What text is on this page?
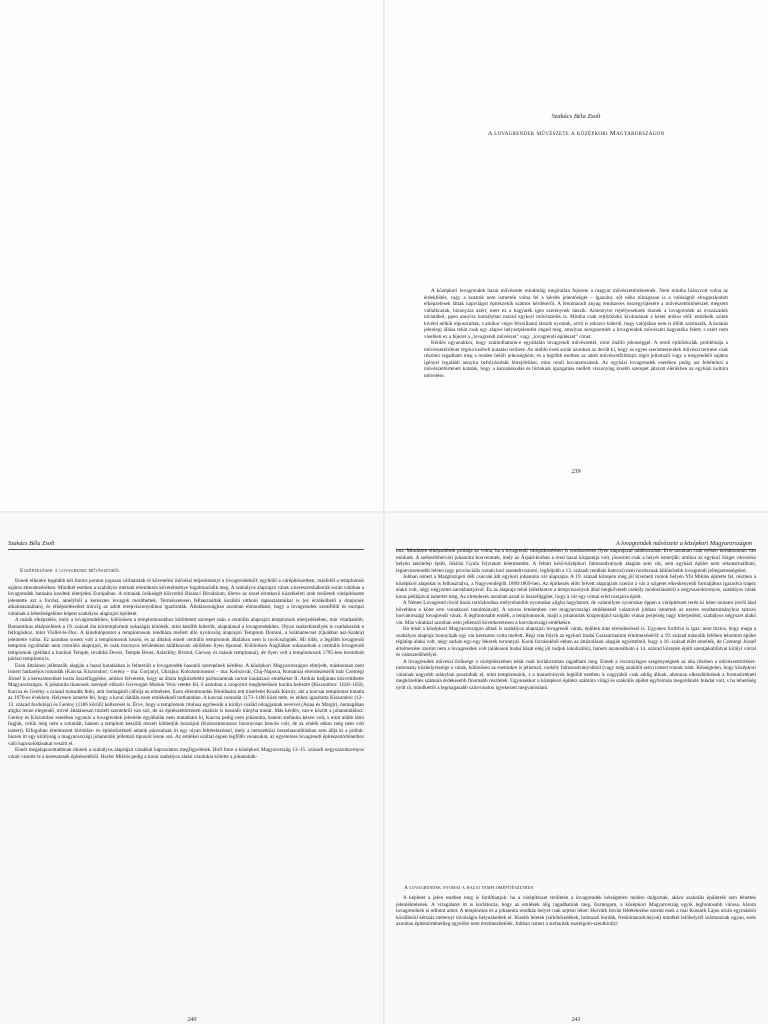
Szakács Béla Zsolt
A lovagrendek művészete a középkori Magyarországon

A középkori lovagrendek hazai művészete mindmáig megíratlan fejezete a magyar művészettörténetnek. Nem mintha hiányzott volna az érdeklődés, vagy a kutatók nem ismerték volna fel a kérdés jelentőségét – igazolni, sőt néha túlságosan is a valóságtól elrugaszkodott elképzelések láttak napvilágot építészetük számos kérdéséről. A fennmaradt anyag rendszeres összegyűjtésére a művészettörténészek mégsem vállalkoztak, bizonyára azért, mert ez a hagyaték igen szerénynek látszik. Amennyire rejtélyeseknek tűnnek a lovagrendek az évszázadok távlatából, ppen annyira homályban marad egykori művészetük is. Mintha csak rejtőzködni kívánnának a kései utókor elől: emlékeik szinte kivétel nélkül elpusztultak, s amikor végre felcsillanni látszik nyomuk, arról is sokszor kiderül, hogy valójában nem is tőlük származik. A kutatás jelenlegi állása tehát csak egy alapos helyzetjelentést enged meg, amolyan seregszemlét a lovagrendek művészeti hagyatéka felett; s ezért nem viselheti ez a fejezet a „lovagrendi művészet” vagy „lovagrendi építészet” címet.

Kérdés ugyanakkor, hogy számolhatunk-e egyáltalán lovagrendi művészettel, mint önálló jelenséggel. A rendi építőiskolák problémája a művészettörténet régóta kedvelt kutatási területe. Az utóbbi évek során azonban az derült ki, hogy az egyes szerzetesrendek művészi termése csak részben ragadható meg a renden belüli jelenségként, és a legtöbb esetben az adott művészetföldrajzi régió jellemzői vagy a megrendelő sajátos igényei legalább annyira befolyásolták létrejöttüket, mint rendi hovatartozásuk. Az egyházi lovagrendek esetében pedig azt feltételezi a művészettörténeti kutatás, hogy a katonáskodás és birtokaik igazgatása mellett viszonylag kisebb szerepet játszott életükben az egyházi kultúra művelése.

239
Szakács Béla Zsolt
Elképzelések a lovagrendi művészetről

Ennek ellenére legalább két fontos ponton jogosan várhatnánk el követelési művészi teljesítményt a lovagrendektől: egyfelől a várépítészetben, másfelől a templomok sajátos elrendezésében. Mindkét esetben a szabályos mértani elrendezés követelménye fogalmazódik meg. A szabályos alaprajzú várak a keresztesháborúk során valóban a lovagrendek hatására kezdtek elterjedni Európában. A rómaiak örökségét közvetítő Bizánci Birodalom, illetve az ezzel érintkező közelkeleti arab területek várépítészete jelentette azt a forrást, amelyből a keresztes lovagok meríthettek. Természetesen felhasználták korábbi otthoni tapasztalataikat is (ez érzékelhető a donjonok alkalmazásában), és elképzeléseiket mincig az adott terepviszonyokhoz igazították. Általánosságban azonban elmondható, hogy a lovagrendek szentföldi és európai várainak a lehetőségekhez képest szabályos alaprajzú épületét.

A másik elképzelés, mely a lovagrendekhez, különösen a templomosokhoz kötöttetett szerepet szán a centrális alaprajzú templomok elterjedésében, már vitathatóbb. Romantikus elképzelések a 19. század óta körtemplomok sokaságát kötötték, mint később kiderült, alaptalanul a lovagrendekhez. Olyan szaktekintélyek is csatlakoztak e felfogáshoz, mint Viollet-le-Duc. A kiindulópontot a templomosok rendháza mellett álló nyolcszög alaprajzú Templum Domini, a Sziklamecset (Quabbat asz-Szahra) jelentette volna. Ez azonban sosem volt a templomosok kezén, és az általuk emelt centrális templomok általában nem is nyolcszögűek. Mi több, a legtöbb lovagrendi templom egyáltalán nem centrális alaprajzú, és csak bizonyos területeken találkozunk sűrűbben ilyen típussal. Különösen Angliában sokasodnak a centrális lovagrendi templomok (például a londoni Temple, továbbá Dover, Temple Bruer, Aslackby, Bristol, Garway és mások templomai), de ilyen volt a templomosok 1795-ben lerombolt párizsi temploma is.

Ezen általános jellemzők alapján a hazai kutatásban is felmerült a lovagrendek hasonló szerepének kérdése. A középkori Magyarországon elterjedt, máshonnan nem ismert hatkaréjos rotundák (Karcsa; Kiszombor; Gerény – ma: Gorjanyi, Ukrajna; Kolozsmonostor – ma: Kolozsvár, Cluj-Napoca, Románia) elrendezéséről már Czemegi József is a keresztesekkel hozta összefüggésbe, amikor felvetette, hogy az általa legközelebbi párhuzamnak tartott kaukázusi emlékeket II. András hadjárata közvetíthette Magyarországra. A johannita tkanosok szerepét először Gervergné Molnár Vera vetette fel, ő azonban a csoportot meglehetősen korára keltezte (Kiszombor: 1020–1050, Karcsa és Gerény a század második fele), ami önmagától cáfolja az elméletet. Ezen ellentmondás feloldására tett kísérletet Kozák Károly, aki a karcsai templomot kutatta az 1970-es években. Helyesen ismerte fel, hogy a korai dátálás ezen emlékeknél tarthatatlan. A karcsai rotundát 1173–1186 közé tette, és ehhez igazította Kiszombor (12–13. század fordulója) és Gerény (1186 körüli) keltezését is. Érve, hogy a templomok titulusa egybeesik a királyi család nőtagjainak nevével (Anna és Margit), önmagában aligha lenne elegendő, mivel általánosan tisztelt szentekről van szó, de az építészettörténeti analízis is hasonló irányba mutat. Más kérdés, van-e között a johannitákhoz: Gerény és Kiszombor esetében ugyanis a lovagrendek jelenléte egyáltalán nem mutatható ki, Karcsa pedig nem johannita, hanem stefanita kézen volt, s mint alább látni fogjuk, velük még nem a rotundát, hanem a templom készülő részeit köthetjük hozzájuk (Kolozsmonostor bizonyosan bencés volt, de az emlék ekkor még nem volt ismert). Elfogultan értelmezett birtoklás- és építéstörténeti adatok párosulnak itt egy olyan feltételezéssel, mely a nemzetközi összehasonlításban sem állja ki a próbát: hiszen itt egy királyság a magyarországi johanniták jellemző típusról lenne szó. Az emlékei ezáltal éppen legfőbb vonásukat, az egyetemes lovagrendi építészettörténethez való kapcsolódásukat veszíti el.

Ennél megalapozottabbnak tűnnek a szabályos alaprajzú várakkal kapcsolatos megfigyelések. Holl Imre a középkori Magyarország 13–15. századi negyszaroktornyos várait vezette le a keresztesek építészetéből. Horler Miklós pedig a korai szabályos alakú várainkat kötötte a johanniták-

240
A lovagrendek művészete a középkori Magyarországon

hoz. Mindezen elképzelések próbája az volna, ha a lovagrendi várépítkezésben is rendszeresen ilyen alaprajzzal találkoznánk. Erre azonban csak erősen korlátozottan van módunk. A székesfehérvári johannita konventnek, mely az Árpád-korban a rend hazai központja volt, jószerint csak a helyét ismerjük: amikor az egykori Sziget városrész helyén lakótelep épült, Siklósi Gyula folytatott leletmentést. A feltárt késő-középkori falmaradványok alapján sem vár, sem egyházi épület nem rekonstruálható, legnevezetesebb leletei (egy provinciális román kori szenteltvíztartó, legfeljebb a 13. századi rendház hamvai) nem hordoznak különösebb lovagrendi jellegzetességeket.

Johban ismert a Margitszigeti déli csúcsán állt egykori johannita vár alaprajza. A 19. század közepén még jól kivehető romok helyén Ybl Miklós építette fel, részben a középkori alapokat is felhasználva, a Nagyvendéglőt 1868/1869-ben. Az építkezés előtt felvett alaprajzok szerint a vár a szigetet elkeskenyedő formájához igazodva trapéz alakú volt, négy négyzetes sarokbástyával. Ez az alaprajz tehát (elletkintve a terepviszonyok által megkövetelt csekély módosításától) a négyszaroktornyos, szabályos várak korai példájával ismertet meg. Az elrendezés azonban azzal is összefügghet, hogy a vár egy római erőd romjaira épült.

A Német Lovagrend rövid hazai tartózkodása mélyrehatóbb nyomokat aligha hagyhatott, de valamilyen nyomokat éppen a várépítészet terén ki lehet mutatni (erről lásd bővebben a kötet erre vonatkozó tanulmányát). A szoros értelemben vett magyarországi emlékeknél valamivel jobban ismertek az ezeres rendtartományhoz tartozó horvátországi lovagrendi várak. A legfontosabb emlék, a templomosok, majd a johanniták központjául szolgáló vránai perjelség nagy kiterjedésű, szabályos négyszet alakú vár. Más várakkal azonban nem jellemző következetesen a horvátországi emlékekre.

Ha tehát a középkori Magyarországon álltak is szabályos alaprajzú lovagrendi várak, épültek más elrendezéssel is. Ugyanez fordítva is igaz: nem biztos, hogy maga a szabályos alaprajz honnyítják egy vár keresztes volta mellett. Régi vita folyik az egykori budai Császármalom értelmezéséről: a 19. század második felében lebontott épület téglalap alakú volt, négy sarkán egy-egy lekerek toronnyal. Korai forrásokból ebben az átrázolások alapján egyértelmű, hogy a 16. század előtt emelték, de Czemegi József értelmezése szerint nem a lovagrendek volt (alákusok budai házát elég jól tudjuk lokalizálni), hanem azonosítható a 14. század közepén épült szentjakabfalvai királyi várral és vámszedőhellyel.

A lovagrendek művészi öröksége a várépítészetben tehát csak korlátozottan ragadható meg. Ennek a viszonylagos szegénységnek az oka részben a művészettörténet-tudomány közhelyeissége a várak, különösen az esetünkre is jellemző, csekély falmaradványokból (vagy még azokból sem) ismert romok iránt. Kétségtelen, hogy középkori várainak nagyobb arányban pusztultak el, mint templomaink, s a maradványok legtöbb esetben is nagyjából csak addig állnak, ahonnan elkezdődnének a formatörténeti megközelítés számára érdekesebb finomabb részletek. Ugyanakkor a középkori építész számára világi és szakrális épület egyformán megoldandó feladat volt, s ha lehetőség nyílt rá, mindkettőt a legmagasabb színvonalon igyekezett megvalósítani.

A lovagrendek nyomai a hazai templomépítészetben

A képletet a jelen esetben meg is fordíthatjuk: ha a várépítészet területén a lovagrendek kétségtelen módon dolgoztak, akkor szakrális épületeik sem lehettek jelentéktelenek. A vizsgálatot itt is korlátozza, hogy az emlékek alig ragadhatóak meg. Esztergom, a középkori Magyarország egyik legfontosabb városa, három lovagrendnek is otthont adott. A templomos és a johannita rendház helyét csak sejteni lehet: Horváth István feltételezése szerint ezek a mai Kossuth Lajos utcán egymásból közülbelül kétszáz méternyi távolságra helyezkedtek el. Kisebb leletek (sírkőtöredékek, boltozati bordák, freskómaradványok) mindkét lelőhelyről származnak ugyan, ezek azonban építéstörténetileg egyelőre nem értelmezhetőek. Johban ismert a stefaniták esztergom-szentkirályi

241
